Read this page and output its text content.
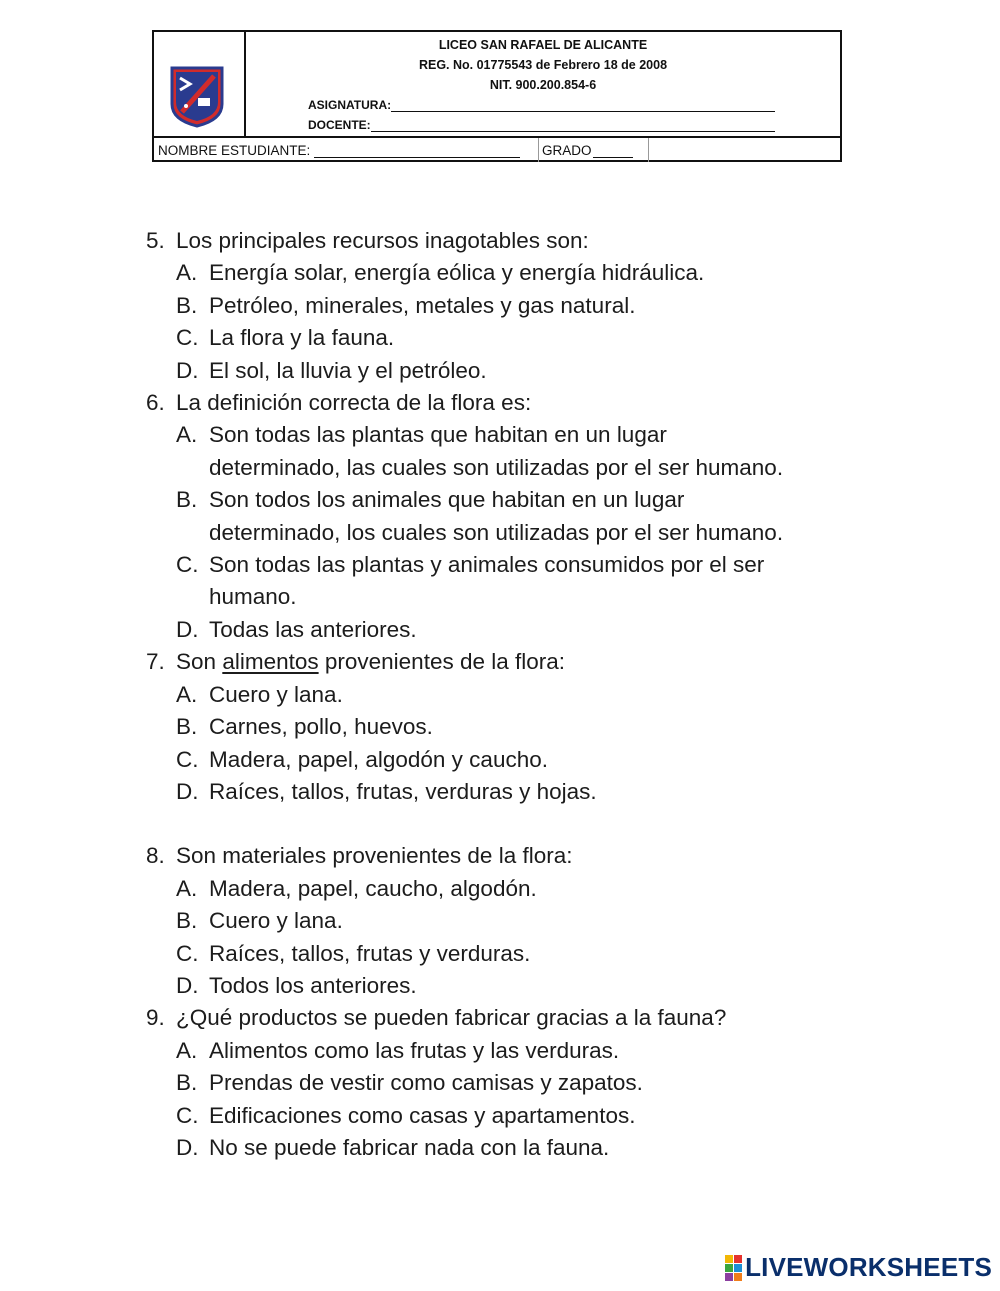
LICEO SAN RAFAEL DE ALICANTE
REG. No. 01775543 de Febrero 18 de 2008
NIT. 900.200.854-6
ASIGNATURA:
DOCENTE:
NOMBRE ESTUDIANTE:	GRADO
5. Los principales recursos inagotables son:
A. Energía solar, energía eólica y energía hidráulica.
B. Petróleo, minerales, metales y gas natural.
C. La flora y la fauna.
D. El sol, la lluvia y el petróleo.
6. La definición correcta de la flora es:
A. Son todas las plantas que habitan en un lugar
determinado, las cuales son utilizadas por el ser humano.
B. Son todos los animales que habitan en un lugar
determinado, los cuales son utilizadas por el ser humano.
C. Son todas las plantas y animales consumidos por el ser
humano.
D. Todas las anteriores.
7. Son alimentos provenientes de la flora:
A. Cuero y lana.
B. Carnes, pollo, huevos.
C. Madera, papel, algodón y caucho.
D. Raíces, tallos, frutas, verduras y hojas.
8. Son materiales provenientes de la flora:
A. Madera, papel, caucho, algodón.
B. Cuero y lana.
C. Raíces, tallos, frutas y verduras.
D. Todos los anteriores.
9. ¿Qué productos se pueden fabricar gracias a la fauna?
A. Alimentos como las frutas y las verduras.
B. Prendas de vestir como camisas y zapatos.
C. Edificaciones como casas y apartamentos.
D. No se puede fabricar nada con la fauna.
LIVEWORKSHEETS
